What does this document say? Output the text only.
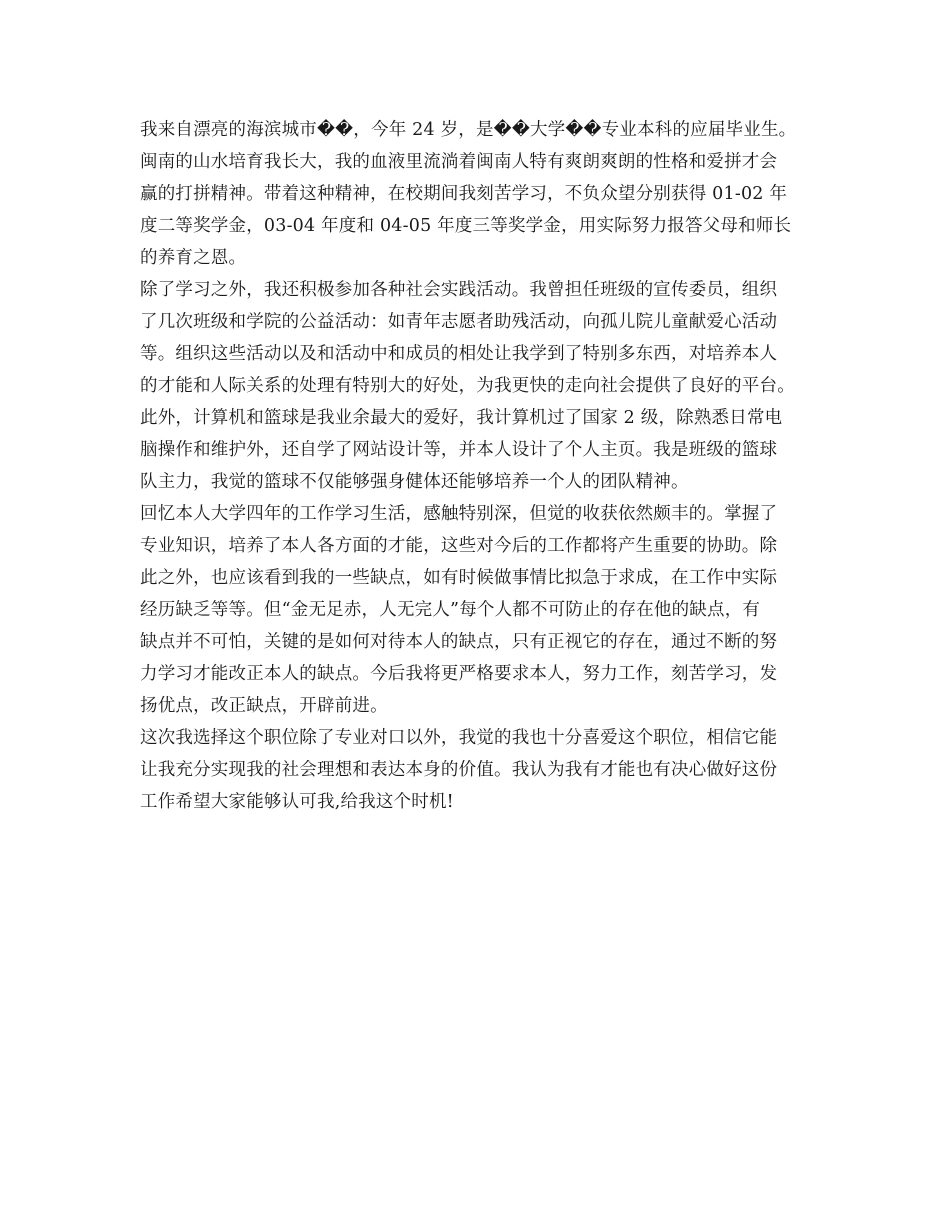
我来自漂亮的海滨城市��，今年 24 岁，是��大学��专业本科的应届毕业生。
闽南的山水培育我长大，我的血液里流淌着闽南人特有爽朗爽朗的性格和爱拼才会
赢的打拼精神。带着这种精神，在校期间我刻苦学习，不负众望分别获得 01-02 年
度二等奖学金，03-04 年度和 04-05 年度三等奖学金，用实际努力报答父母和师长
的养育之恩。
除了学习之外，我还积极参加各种社会实践活动。我曾担任班级的宣传委员，组织
了几次班级和学院的公益活动：如青年志愿者助残活动，向孤儿院儿童献爱心活动
等。组织这些活动以及和活动中和成员的相处让我学到了特别多东西，对培养本人
的才能和人际关系的处理有特别大的好处，为我更快的走向社会提供了良好的平台。
此外，计算机和篮球是我业余最大的爱好，我计算机过了国家 2 级，除熟悉日常电
脑操作和维护外，还自学了网站设计等，并本人设计了个人主页。我是班级的篮球
队主力，我觉的篮球不仅能够强身健体还能够培养一个人的团队精神。
回忆本人大学四年的工作学习生活，感触特别深，但觉的收获依然颇丰的。掌握了
专业知识，培养了本人各方面的才能，这些对今后的工作都将产生重要的协助。除
此之外，也应该看到我的一些缺点，如有时候做事情比拟急于求成，在工作中实际
经历缺乏等等。但“金无足赤，人无完人”每个人都不可防止的存在他的缺点，有
缺点并不可怕，关键的是如何对待本人的缺点，只有正视它的存在，通过不断的努
力学习才能改正本人的缺点。今后我将更严格要求本人，努力工作，刻苦学习，发
扬优点，改正缺点，开辟前进。
这次我选择这个职位除了专业对口以外，我觉的我也十分喜爱这个职位，相信它能
让我充分实现我的社会理想和表达本身的价值。我认为我有才能也有决心做好这份
工作希望大家能够认可我,给我这个时机!
